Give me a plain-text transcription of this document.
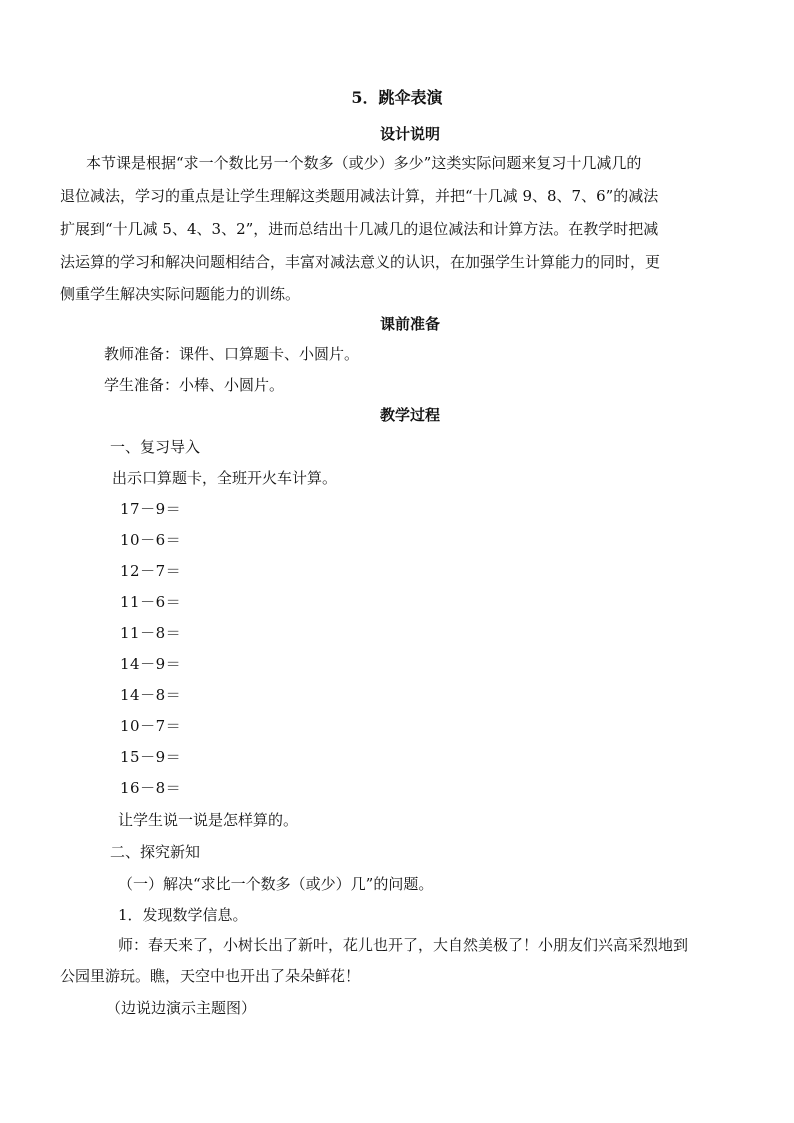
5．跳伞表演
设计说明
本节课是根据“求一个数比另一个数多（或少）多少”这类实际问题来复习十几减几的
退位减法，学习的重点是让学生理解这类题用减法计算，并把“十几减 9、8、7、6”的减法
扩展到“十几减 5、4、3、2”，进而总结出十几减几的退位减法和计算方法。在教学时把减
法运算的学习和解决问题相结合，丰富对减法意义的认识，在加强学生计算能力的同时，更
侧重学生解决实际问题能力的训练。
课前准备
教师准备：课件、口算题卡、小圆片。
学生准备：小棒、小圆片。
教学过程
一、复习导入
出示口算题卡，全班开火车计算。
17－9＝
10－6＝
12－7＝
11－6＝
11－8＝
14－9＝
14－8＝
10－7＝
15－9＝
16－8＝
让学生说一说是怎样算的。
二、探究新知
（一）解决“求比一个数多（或少）几”的问题。
1．发现数学信息。
师：春天来了，小树长出了新叶，花儿也开了，大自然美极了！小朋友们兴高采烈地到
公园里游玩。瞧，天空中也开出了朵朵鲜花！
（边说边演示主题图）
